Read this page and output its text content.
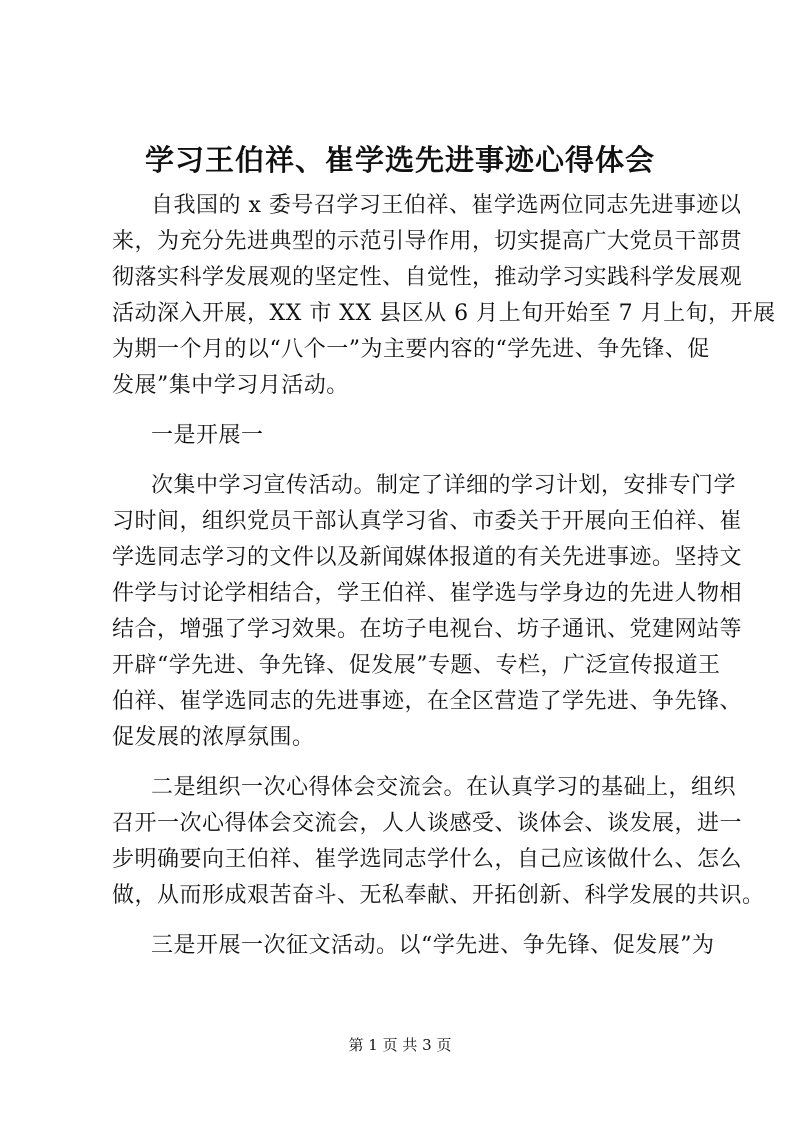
学习王伯祥、崔学选先进事迹心得体会
自我国的 x 委号召学习王伯祥、崔学选两位同志先进事迹以
来，为充分先进典型的示范引导作用，切实提高广大党员干部贯
彻落实科学发展观的坚定性、自觉性，推动学习实践科学发展观
活动深入开展，XX 市 XX 县区从 6 月上旬开始至 7 月上旬，开展
为期一个月的以“八个一”为主要内容的“学先进、争先锋、促
发展”集中学习月活动。
一是开展一
次集中学习宣传活动。制定了详细的学习计划，安排专门学
习时间，组织党员干部认真学习省、市委关于开展向王伯祥、崔
学选同志学习的文件以及新闻媒体报道的有关先进事迹。坚持文
件学与讨论学相结合，学王伯祥、崔学选与学身边的先进人物相
结合，增强了学习效果。在坊子电视台、坊子通讯、党建网站等
开辟“学先进、争先锋、促发展”专题、专栏，广泛宣传报道王
伯祥、崔学选同志的先进事迹，在全区营造了学先进、争先锋、
促发展的浓厚氛围。
二是组织一次心得体会交流会。在认真学习的基础上，组织
召开一次心得体会交流会，人人谈感受、谈体会、谈发展，进一
步明确要向王伯祥、崔学选同志学什么，自己应该做什么、怎么
做，从而形成艰苦奋斗、无私奉献、开拓创新、科学发展的共识。
三是开展一次征文活动。以“学先进、争先锋、促发展”为
第 1 页 共 3 页
